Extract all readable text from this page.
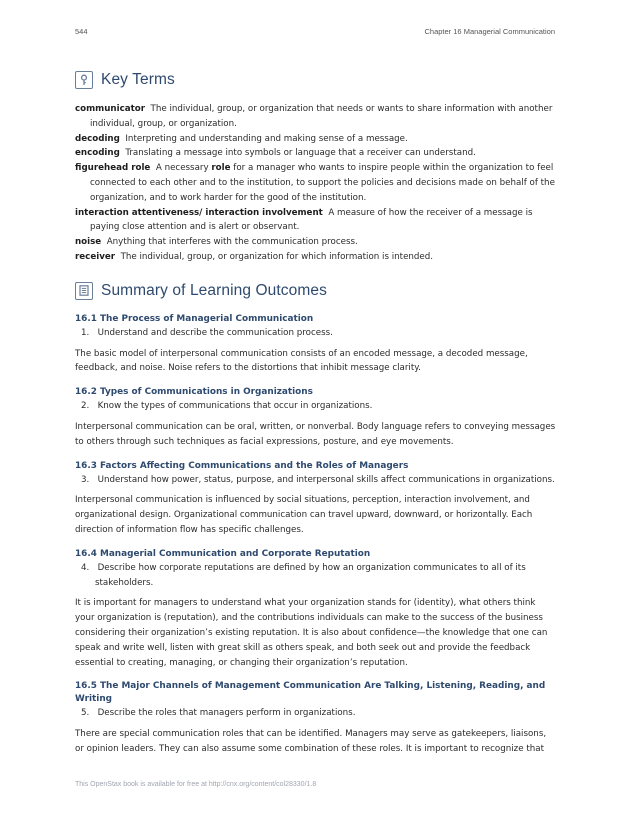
544	Chapter 16 Managerial Communication
Key Terms
communicator The individual, group, or organization that needs or wants to share information with another individual, group, or organization.
decoding Interpreting and understanding and making sense of a message.
encoding Translating a message into symbols or language that a receiver can understand.
figurehead role A necessary role for a manager who wants to inspire people within the organization to feel connected to each other and to the institution, to support the policies and decisions made on behalf of the organization, and to work harder for the good of the institution.
interaction attentiveness/ interaction involvement A measure of how the receiver of a message is paying close attention and is alert or observant.
noise Anything that interferes with the communication process.
receiver The individual, group, or organization for which information is intended.
Summary of Learning Outcomes
16.1 The Process of Managerial Communication
1. Understand and describe the communication process.
The basic model of interpersonal communication consists of an encoded message, a decoded message, feedback, and noise. Noise refers to the distortions that inhibit message clarity.
16.2 Types of Communications in Organizations
2. Know the types of communications that occur in organizations.
Interpersonal communication can be oral, written, or nonverbal. Body language refers to conveying messages to others through such techniques as facial expressions, posture, and eye movements.
16.3 Factors Affecting Communications and the Roles of Managers
3. Understand how power, status, purpose, and interpersonal skills affect communications in organizations.
Interpersonal communication is influenced by social situations, perception, interaction involvement, and organizational design. Organizational communication can travel upward, downward, or horizontally. Each direction of information flow has specific challenges.
16.4 Managerial Communication and Corporate Reputation
4. Describe how corporate reputations are defined by how an organization communicates to all of its stakeholders.
It is important for managers to understand what your organization stands for (identity), what others think your organization is (reputation), and the contributions individuals can make to the success of the business considering their organization’s existing reputation. It is also about confidence—the knowledge that one can speak and write well, listen with great skill as others speak, and both seek out and provide the feedback essential to creating, managing, or changing their organization’s reputation.
16.5 The Major Channels of Management Communication Are Talking, Listening, Reading, and Writing
5. Describe the roles that managers perform in organizations.
There are special communication roles that can be identified. Managers may serve as gatekeepers, liaisons, or opinion leaders. They can also assume some combination of these roles. It is important to recognize that
This OpenStax book is available for free at http://cnx.org/content/col28330/1.8
